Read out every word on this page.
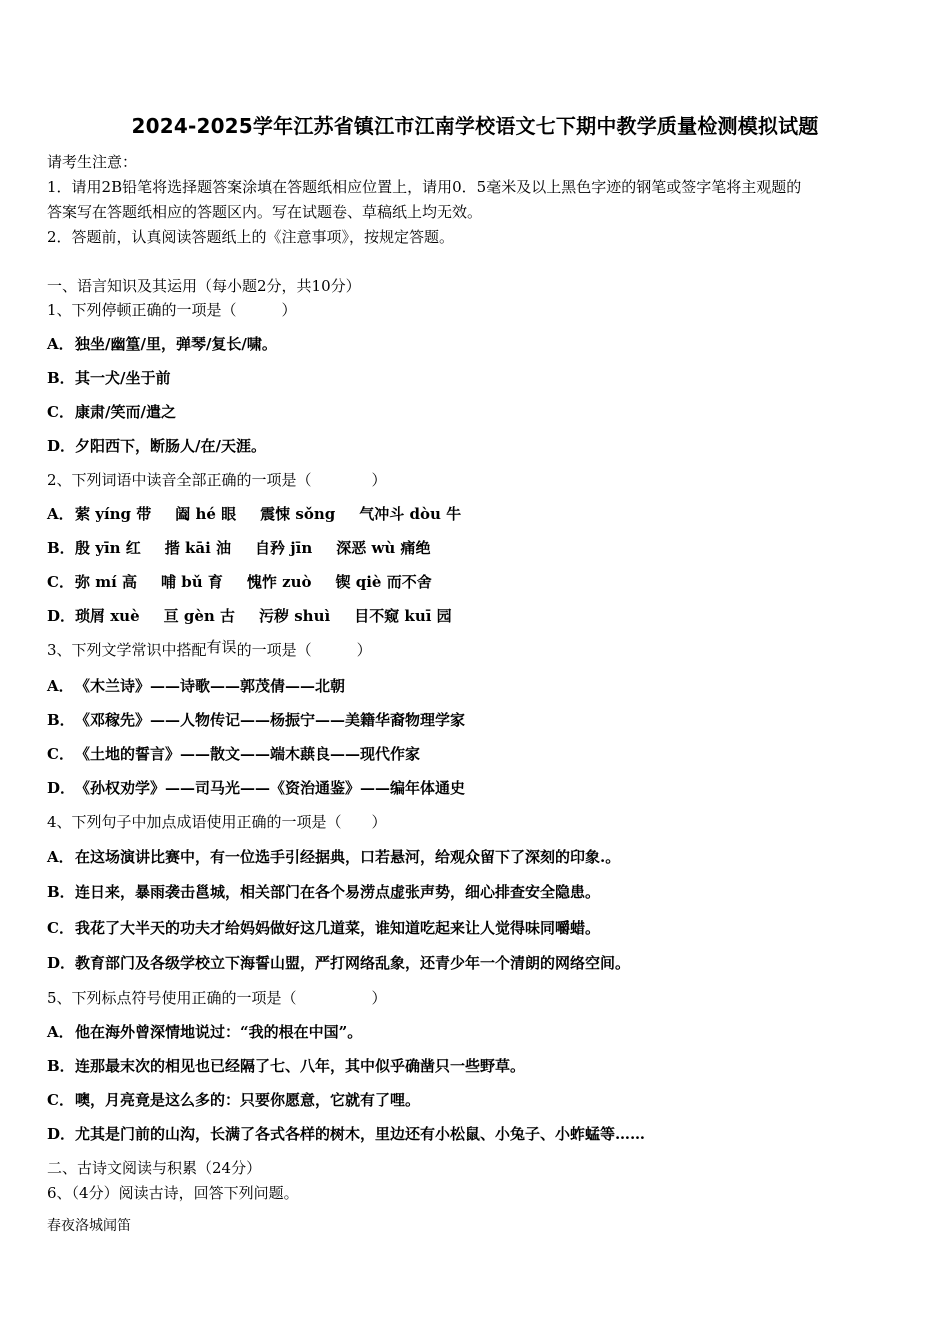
2024-2025学年江苏省镇江市江南学校语文七下期中教学质量检测模拟试题
请考生注意：
1．请用2B铅笔将选择题答案涂填在答题纸相应位置上，请用0．5毫米及以上黑色字迹的钢笔或签字笔将主观题的
答案写在答题纸相应的答题区内。写在试题卷、草稿纸上均无效。
2．答题前，认真阅读答题纸上的《注意事项》，按规定答题。
一、语言知识及其运用（每小题2分，共10分）
1、下列停顿正确的一项是（　　　）
A．独坐/幽篁/里，弹琴/复长/啸。
B．其一犬/坐于前
C．康肃/笑而/遣之
D．夕阳西下，断肠人/在/天涯。
2、下列词语中读音全部正确的一项是（　　　　）
A．萦 yíng 带 阖 hé 眼 震悚 sǒng 气冲斗 dòu 牛
B．殷 yīn 红 揩 kāi 油 自矜 jīn 深恶 wù 痛绝
C．弥 mí 高 哺 bǔ 育 愧怍 zuò 锲 qiè 而不舍
D．琐屑 xuè 亘 gèn 古 污秽 shuì 目不窥 kuī 园
3、下列文学常识中搭配有误的一项是（　　　）
A．《木兰诗》——诗歌——郭茂倩——北朝
B．《邓稼先》——人物传记——杨振宁——美籍华裔物理学家
C．《土地的誓言》——散文——端木蕻良——现代作家
D．《孙权劝学》——司马光——《资治通鉴》——编年体通史
4、下列句子中加点成语使用正确的一项是（　　）
A．在这场演讲比赛中，有一位选手引经据典，口若悬河，给观众留下了深刻的印象.。
B．连日来，暴雨袭击邕城，相关部门在各个易涝点虚张声势，细心排查安全隐患。
C．我花了大半天的功夫才给妈妈做好这几道菜，谁知道吃起来让人觉得味同嚼蜡。
D．教育部门及各级学校立下海誓山盟，严打网络乱象，还青少年一个清朗的网络空间。
5、下列标点符号使用正确的一项是（　　　　　）
A．他在海外曾深情地说过：“我的根在中国”。
B．连那最末次的相见也已经隔了七、八年，其中似乎确凿只一些野草。
C．噢，月亮竟是这么多的：只要你愿意，它就有了哩。
D．尤其是门前的山沟，长满了各式各样的树木，里边还有小松鼠、小兔子、小蚱蜢等……
二、古诗文阅读与积累（24分）
6、（4分）阅读古诗，回答下列问题。
春夜洛城闻笛
